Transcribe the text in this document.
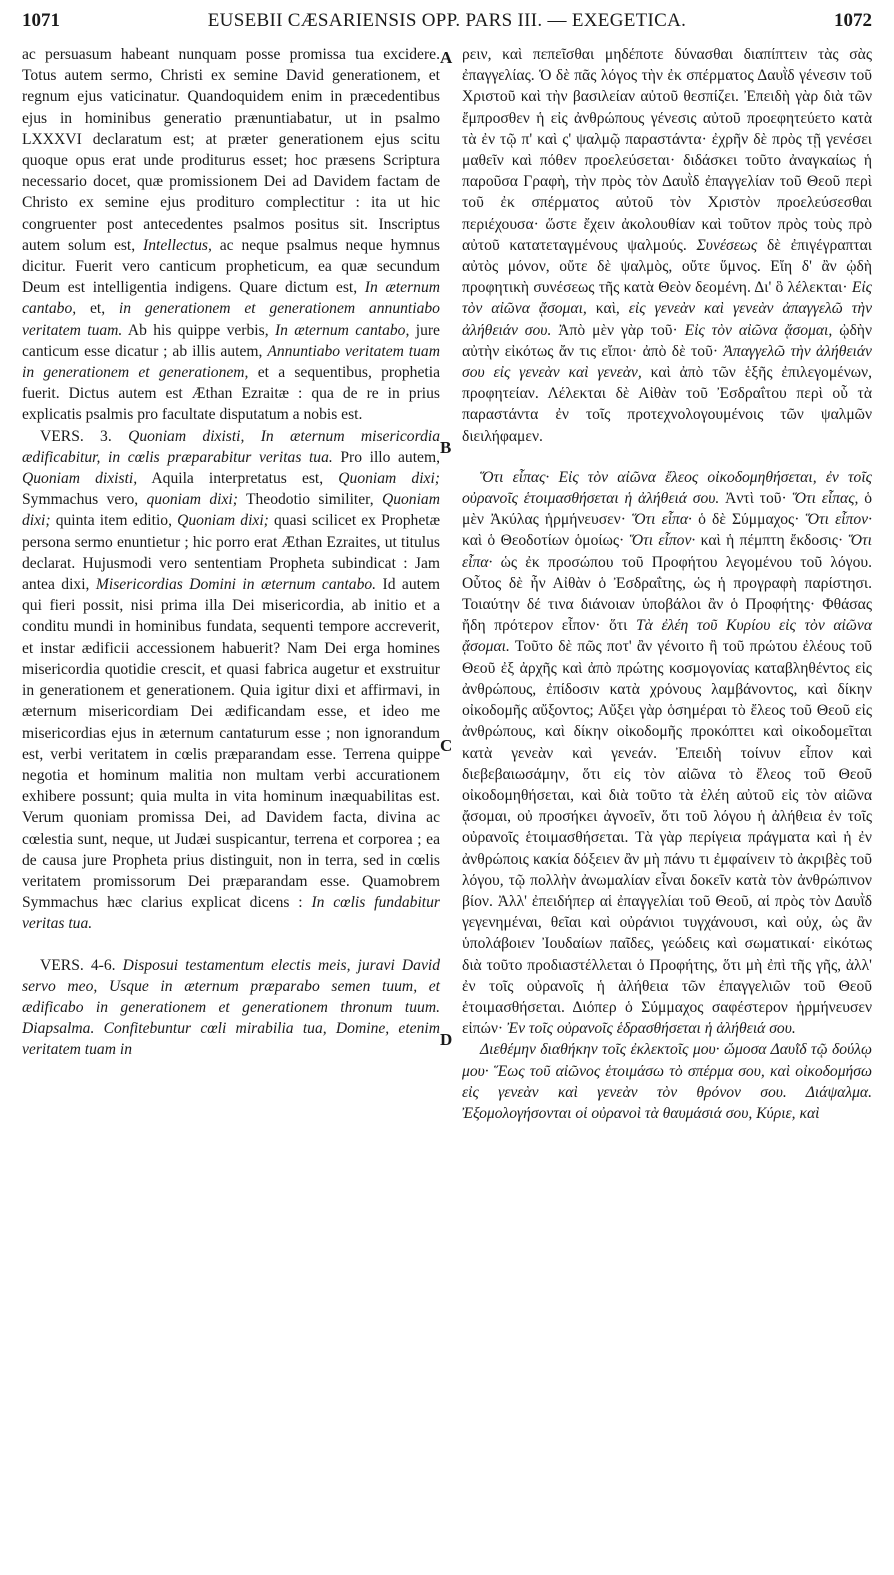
1071	EUSEBII CÆSARIENSIS OPP. PARS III. — EXEGETICA.	1072

ac persuasum habeant nunquam posse promissa tua excidere. Totus autem sermo, Christi ex semine David generationem, et regnum ejus vaticinatur. Quandoquidem enim in præcedentibus ejus in hominibus generatio prænuntiabatur, ut in psalmo LXXXVI declaratum est; at præter generationem ejus scitu quoque opus erat unde proditurus esset; hoc præsens Scriptura necessario docet, quæ promissionem Dei ad Davidem factam de Christo ex semine ejus prodituro complectitur : ita ut hic congruenter post antecedentes psalmos positus sit. Inscriptus autem solum est, Intellectus, ac neque psalmus neque hymnus dicitur. Fuerit vero canticum propheticum, ea quæ secundum Deum est intelligentia indigens. Quare dictum est, In æternum cantabo, et, in generationem et generationem annuntiabo veritatem tuam. Ab his quippe verbis, In æternum cantabo, jure canticum esse dicatur ; ab illis autem, Annuntiabo veritatem tuam in generationem et generationem, et a sequentibus, prophetia fuerit. Dictus autem est Æthan Ezraitæ : qua de re in prius explicatis psalmis pro facultate disputatum a nobis est.

VERS. 3. Quoniam dixisti, In æternum misericordia ædificabitur, in cœlis præparabitur veritas tua. Pro illo autem, Quoniam dixisti, Aquila interpretatus est, Quoniam dixi; Symmachus vero, quoniam dixi; Theodotio similiter, Quoniam dixi; quinta item editio, Quoniam dixi; quasi scilicet ex Prophetæ persona sermo enuntietur ; hic porro erat Æthan Ezraites, ut titulus declarat. Hujusmodi vero sententiam Propheta subindicat : Jam antea dixi, Misericordias Domini in æternum cantabo. Id autem qui fieri possit, nisi prima illa Dei misericordia, ab initio et a conditu mundi in hominibus fundata, sequenti tempore accreverit, et instar ædificii accessionem habuerit? Nam Dei erga homines misericordia quotidie crescit, et quasi fabrica augetur et exstruitur in generationem et generationem. Quia igitur dixi et affirmavi, in æternum misericordiam Dei ædificandam esse, et ideo me misericordias ejus in æternum cantaturum esse ; non ignorandum est, verbi veritatem in cœlis præparandam esse. Terrena quippe negotia et hominum malitia non multam verbi accurationem exhibere possunt; quia multa in vita hominum inæquabilitas est. Verum quoniam promissa Dei, ad Davidem facta, divina ac cœlestia sunt, neque, ut Judæi suspicantur, terrena et corporea ; ea de causa jure Propheta prius distinguit, non in terra, sed in cœlis veritatem promissorum Dei præparandam esse. Quamobrem Symmachus hæc clarius explicat dicens : In cœlis fundabitur veritas tua.

VERS. 4-6. Disposui testamentum electis meis, juravi David servo meo, Usque in æternum præparabo semen tuum, et ædificabo in generationem et generationem thronum tuum. Diapsalma. Confitebuntur cœli mirabilia tua, Domine, etenim veritatem tuam in

A
B
C
D

ρειν, καὶ πεπεῖσθαι μηδέποτε δύνασθαι διαπίπτειν τὰς σὰς ἐπαγγελίας. Ὁ δὲ πᾶς λόγος τὴν ἐκ σπέρματος Δαυῒδ γένεσιν τοῦ Χριστοῦ καὶ τὴν βασιλείαν αὐτοῦ θεσπίζει. Ἐπειδὴ γὰρ διὰ τῶν ἔμπροσθεν ἡ εἰς ἀνθρώπους γένεσις αὐτοῦ προεφητεύετο κατὰ τὰ ἐν τῷ π' καὶ ς' ψαλμῷ παραστάντα· ἐχρῆν δὲ πρὸς τῇ γενέσει μαθεῖν καὶ πόθεν προελεύσεται· διδάσκει τοῦτο ἀναγκαίως ἡ παροῦσα Γραφὴ, τὴν πρὸς τὸν Δαυῒδ ἐπαγγελίαν τοῦ Θεοῦ περὶ τοῦ ἐκ σπέρματος αὐτοῦ τὸν Χριστὸν προελεύσεσθαι περιέχουσα· ὥστε ἔχειν ἀκολουθίαν καὶ τοῦτον πρὸς τοὺς πρὸ αὐτοῦ κατατεταγμένους ψαλμούς. Συνέσεως δὲ ἐπιγέγραπται αὐτὸς μόνον, οὔτε δὲ ψαλμὸς, οὔτε ὕμνος. Εἴη δ' ἂν ᾠδὴ προφητικὴ συνέσεως τῆς κατὰ Θεὸν δεομένη. Δι' ὃ λέλεκται· Εἰς τὸν αἰῶνα ᾄσομαι, καὶ, εἰς γενεὰν καὶ γενεὰν ἀπαγγελῶ τὴν ἀλήθειάν σου. Ἀπὸ μὲν γὰρ τοῦ· Εἰς τὸν αἰῶνα ᾄσομαι, ᾠδὴν αὐτὴν εἰκότως ἄν τις εἴποι· ἀπὸ δὲ τοῦ· Ἀπαγγελῶ τὴν ἀλήθειάν σου εἰς γενεὰν καὶ γενεὰν, καὶ ἀπὸ τῶν ἑξῆς ἐπιλεγομένων, προφητείαν. Λέλεκται δὲ Αἰθὰν τοῦ Ἐσδραΐτου περὶ οὗ τὰ παραστάντα ἐν τοῖς προτεχνολογουμένοις τῶν ψαλμῶν διειλήφαμεν.

Ὅτι εἶπας· Εἰς τὸν αἰῶνα ἔλεος οἰκοδομηθήσεται, ἐν τοῖς οὐρανοῖς ἑτοιμασθήσεται ἡ ἀλήθειά σου. Ἀντὶ τοῦ· Ὅτι εἶπας, ὁ μὲν Ἀκύλας ἡρμήνευσεν· Ὅτι εἶπα· ὁ δὲ Σύμμαχος· Ὅτι εἶπον· καὶ ὁ Θεοδοτίων ὁμοίως· Ὅτι εἶπον· καὶ ἡ πέμπτη ἔκδοσις· Ὅτι εἶπα· ὡς ἐκ προσώπου τοῦ Προφήτου λεγομένου τοῦ λόγου. Οὗτος δὲ ἦν Αἰθὰν ὁ Ἐσδραΐτης, ὡς ἡ προγραφὴ παρίστησι. Τοιαύτην δέ τινα διάνοιαν ὑποβάλοι ἂν ὁ Προφήτης· Φθάσας ἤδη πρότερον εἶπον· ὅτι Τὰ ἐλέη τοῦ Κυρίου εἰς τὸν αἰῶνα ᾄσομαι. Τοῦτο δὲ πῶς ποτ' ἂν γένοιτο ἢ τοῦ πρώτου ἐλέους τοῦ Θεοῦ ἐξ ἀρχῆς καὶ ἀπὸ πρώτης κοσμογονίας καταβληθέντος εἰς ἀνθρώπους, ἐπίδοσιν κατὰ χρόνους λαμβάνοντος, καὶ δίκην οἰκοδομῆς αὔξοντος; Αὔξει γὰρ ὁσημέραι τὸ ἔλεος τοῦ Θεοῦ εἰς ἀνθρώπους, καὶ δίκην οἰκοδομῆς προκόπτει καὶ οἰκοδομεῖται κατὰ γενεὰν καὶ γενεάν. Ἐπειδὴ τοίνυν εἶπον καὶ διεβεβαιωσάμην, ὅτι εἰς τὸν αἰῶνα τὸ ἔλεος τοῦ Θεοῦ οἰκοδομηθήσεται, καὶ διὰ τοῦτο τὰ ἐλέη αὐτοῦ εἰς τὸν αἰῶνα ᾄσομαι, οὐ προσήκει ἀγνοεῖν, ὅτι τοῦ λόγου ἡ ἀλήθεια ἐν τοῖς οὐρανοῖς ἑτοιμασθήσεται. Τὰ γὰρ περίγεια πράγματα καὶ ἡ ἐν ἀνθρώποις κακία δόξειεν ἂν μὴ πάνυ τι ἐμφαίνειν τὸ ἀκριβὲς τοῦ λόγου, τῷ πολλὴν ἀνωμαλίαν εἶναι δοκεῖν κατὰ τὸν ἀνθρώπινον βίον. Ἀλλ' ἐπειδήπερ αἱ ἐπαγγελίαι τοῦ Θεοῦ, αἱ πρὸς τὸν Δαυῒδ γεγενημέναι, θεῖαι καὶ οὐράνιοι τυγχάνουσι, καὶ οὐχ, ὡς ἂν ὑπολάβοιεν Ἰουδαίων παῖδες, γεώδεις καὶ σωματικαί· εἰκότως διὰ τοῦτο προδιαστέλλεται ὁ Προφήτης, ὅτι μὴ ἐπὶ τῆς γῆς, ἀλλ' ἐν τοῖς οὐρανοῖς ἡ ἀλήθεια τῶν ἐπαγγελιῶν τοῦ Θεοῦ ἑτοιμασθήσεται. Διόπερ ὁ Σύμμαχος σαφέστερον ἡρμήνευσεν εἰπών· Ἐν τοῖς οὐρανοῖς ἑδρασθήσεται ἡ ἀλήθειά σου.

Διεθέμην διαθήκην τοῖς ἐκλεκτοῖς μου· ὤμοσα Δαυῒδ τῷ δούλῳ μου· Ἕως τοῦ αἰῶνος ἑτοιμάσω τὸ σπέρμα σου, καὶ οἰκοδομήσω εἰς γενεὰν καὶ γενεὰν τὸν θρόνον σου. Διάψαλμα. Ἐξομολογήσονται οἱ οὐρανοὶ τὰ θαυμάσιά σου, Κύριε, καὶ
